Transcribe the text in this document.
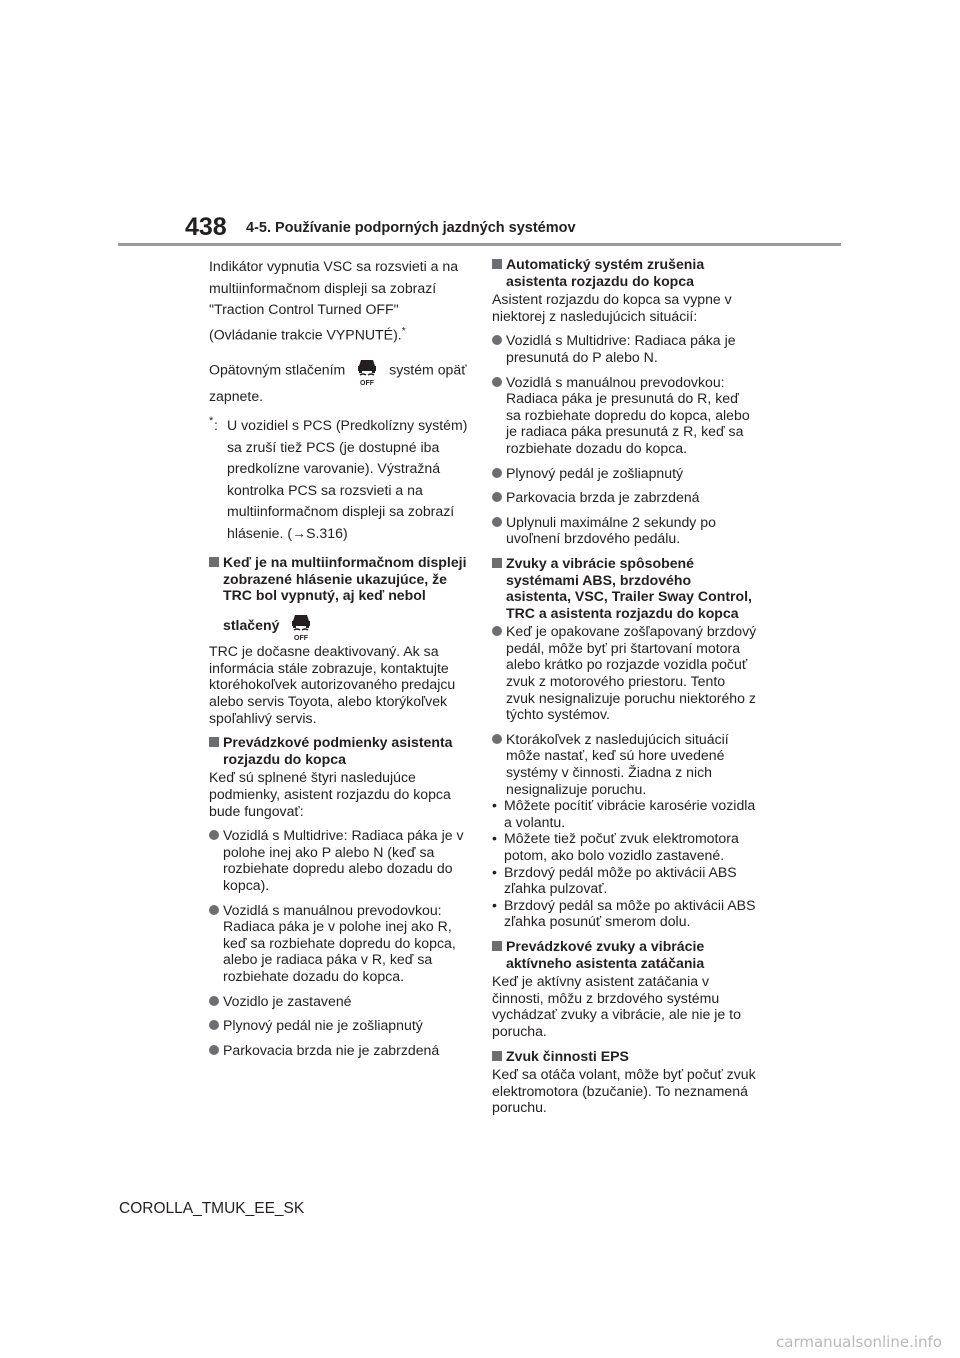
438 4-5. Používanie podporných jazdných systémov

Indikátor vypnutia VSC sa rozsvieti a na multiinformačnom displeji sa zobrazí "Traction Control Turned OFF" (Ovládanie trakcie VYPNUTÉ).*

Opätovným stlačením
OFF
systém opäť zapnete.

* : U vozidiel s PCS (Predkolízny systém) sa zruší tiež PCS (je dostupné iba predkolízne varovanie). Výstražná kontrolka PCS sa rozsvieti a na multiinformačnom displeji sa zobrazí hlásenie. (→S.316)
Keď je na multiinformačnom displeji zobrazené hlásenie ukazujúce, že TRC bol vypnutý, aj keď nebol
stlačený
OFF

TRC je dočasne deaktivovaný. Ak sa informácia stále zobrazuje, kontaktujte ktoréhokoľvek autorizovaného predajcu alebo servis Toyota, alebo ktorýkoľvek spoľahlivý servis.

Prevádzkové podmienky asistenta rozjazdu do kopca

Keď sú splnené štyri nasledujúce podmienky, asistent rozjazdu do kopca bude fungovať:

Vozidlá s Multidrive: Radiaca páka je v polohe inej ako P alebo N (keď sa rozbiehate dopredu alebo dozadu do kopca).
Vozidlá s manuálnou prevodovkou: Radiaca páka je v polohe inej ako R, keď sa rozbiehate dopredu do kopca, alebo je radiaca páka v R, keď sa rozbiehate dozadu do kopca.
Vozidlo je zastavené
Plynový pedál nie je zošliapnutý
Parkovacia brzda nie je zabrzdená
Automatický systém zrušenia asistenta rozjazdu do kopca

Asistent rozjazdu do kopca sa vypne v niektorej z nasledujúcich situácií:

Vozidlá s Multidrive: Radiaca páka je presunutá do P alebo N.
Vozidlá s manuálnou prevodovkou: Radiaca páka je presunutá do R, keď sa rozbiehate dopredu do kopca, alebo je radiaca páka presunutá z R, keď sa rozbiehate dozadu do kopca.
Plynový pedál je zošliapnutý
Parkovacia brzda je zabrzdená
Uplynuli maximálne 2 sekundy po uvoľnení brzdového pedálu.
Zvuky a vibrácie spôsobené systémami ABS, brzdového asistenta, VSC, Trailer Sway Control, TRC a asistenta rozjazdu do kopca
Keď je opakovane zošľapovaný brzdový pedál, môže byť pri štartovaní motora alebo krátko po rozjazde vozidla počuť zvuk z motorového priestoru. Tento zvuk nesignalizuje poruchu niektorého z týchto systémov.
Ktorákoľvek z nasledujúcich situácií môže nastať, keď sú hore uvedené systémy v činnosti. Žiadna z nich nesignalizuje poruchu.
• Môžete pocítiť vibrácie karosérie vozidla a volantu.
• Môžete tiež počuť zvuk elektromotora potom, ako bolo vozidlo zastavené.
• Brzdový pedál môže po aktivácii ABS zľahka pulzovať.
• Brzdový pedál sa môže po aktivácii ABS zľahka posunúť smerom dolu.
Prevádzkové zvuky a vibrácie aktívneho asistenta zatáčania

Keď je aktívny asistent zatáčania v činnosti, môžu z brzdového systému vychádzať zvuky a vibrácie, ale nie je to porucha.

Zvuk činnosti EPS

Keď sa otáča volant, môže byť počuť zvuk elektromotora (bzučanie). To neznamená poruchu.

COROLLA_TMUK_EE_SK
carmanualsonline.info
